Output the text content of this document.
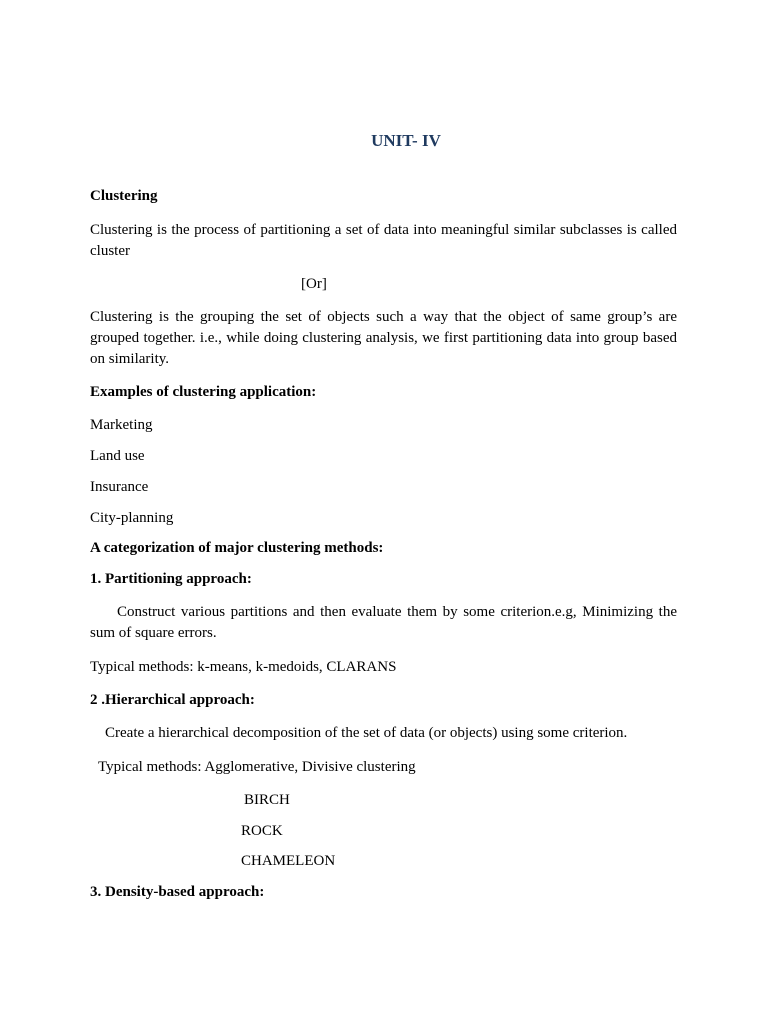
UNIT- IV

Clustering

Clustering is the process of partitioning a set of data into meaningful similar subclasses is called cluster

[Or]

Clustering is the grouping the set of objects such a way that the object of same group’s are grouped together. i.e., while doing clustering analysis, we first partitioning data into group based on similarity.

Examples of clustering application:

Marketing

Land use

Insurance

City-planning

A categorization of major clustering methods:

1. Partitioning approach:

Construct various partitions and then evaluate them by some criterion.e.g, Minimizing the sum of square errors.

Typical methods: k-means, k-medoids, CLARANS

2 .Hierarchical approach:

Create a hierarchical decomposition of the set of data (or objects) using some criterion.

Typical methods: Agglomerative, Divisive clustering

BIRCH

ROCK

CHAMELEON

3. Density-based approach:
